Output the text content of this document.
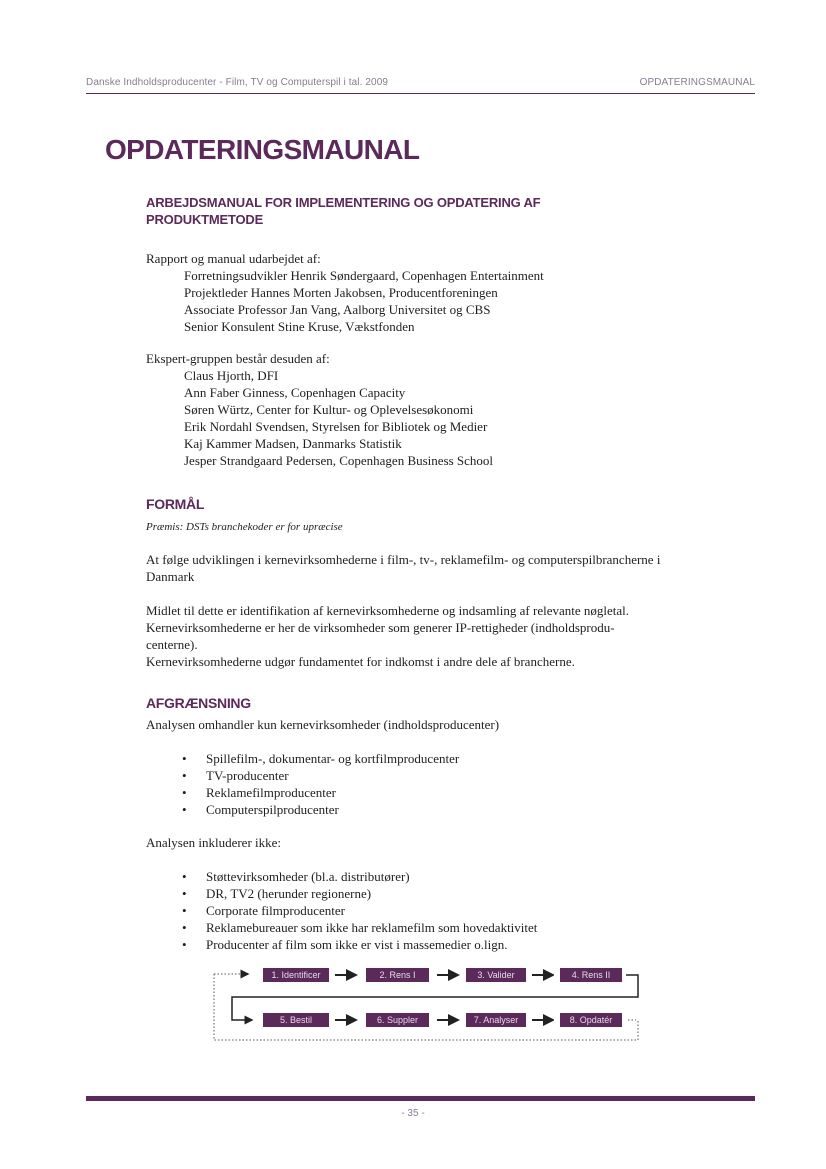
Danske Indholdsproducenter - Film, TV og Computerspil i tal. 2009	OPDATERINGSMAUNAL
OPDATERINGSMAUNAL
ARBEJDSMANUAL FOR IMPLEMENTERING OG OPDATERING AF PRODUKTMETODE

Rapport og manual udarbejdet af:

Forretningsudvikler Henrik Søndergaard, Copenhagen Entertainment

Projektleder Hannes Morten Jakobsen, Producentforeningen

Associate Professor Jan Vang, Aalborg Universitet og CBS

Senior Konsulent Stine Kruse, Vækstfonden

Ekspert-gruppen består desuden af:

Claus Hjorth, DFI

Ann Faber Ginness, Copenhagen Capacity

Søren Würtz, Center for Kultur- og Oplevelsesøkonomi

Erik Nordahl Svendsen, Styrelsen for Bibliotek og Medier

Kaj Kammer Madsen, Danmarks Statistik

Jesper Strandgaard Pedersen, Copenhagen Business School

FORMÅL

Præmis: DSTs branchekoder er for upræcise

At følge udviklingen i kernevirksomhederne i film-, tv-, reklamefilm- og computerspilbrancherne i Danmark

Midlet til dette er identifikation af kernevirksomhederne og indsamling af relevante nøgletal.

Kernevirksomhederne er her de virksomheder som generer IP-rettigheder (indholdsprodu-

centerne).

Kernevirksomhederne udgør fundamentet for indkomst i andre dele af brancherne.

AFGRÆNSNING

Analysen omhandler kun kernevirksomheder (indholdsproducenter)

• Spillefilm-, dokumentar- og kortfilmproducenter
• TV-producenter
• Reklamefilmproducenter
• Computerspilproducenter

Analysen inkluderer ikke:

• Støttevirksomheder (bl.a. distributører)
• DR, TV2 (herunder regionerne)
• Corporate filmproducenter
• Reklamebureauer som ikke har reklamefilm som hovedaktivitet
• Producenter af film som ikke er vist i massemedier o.lign.
1. Identificer	2. Rens I	3. Valider	4. Rens II
5. Bestil	6. Suppler	7. Analyser	8. Opdatér
- 35 -
